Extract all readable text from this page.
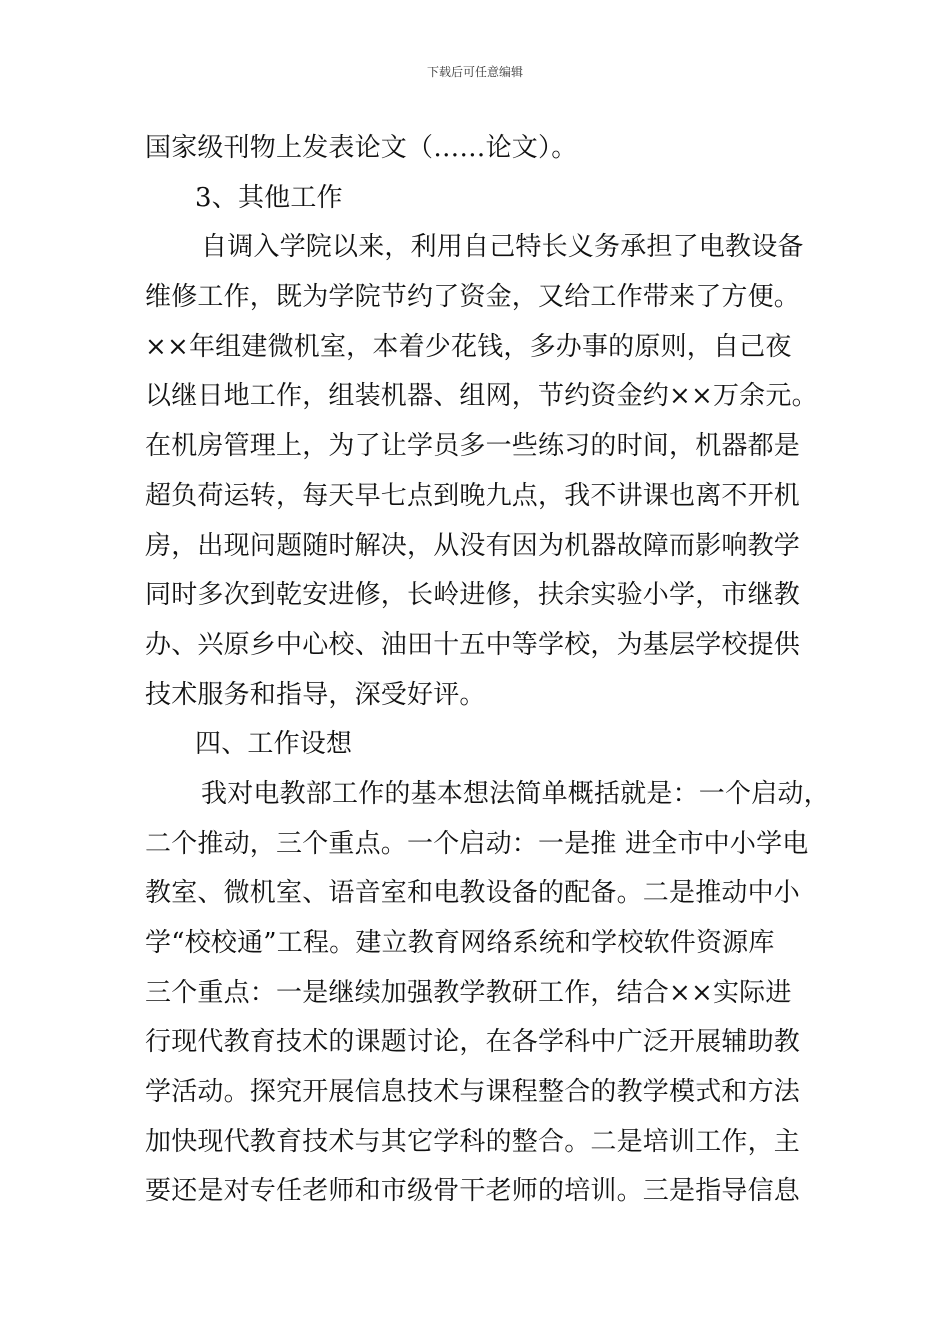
下载后可任意编辑
国家级刊物上发表论文（……论文）。
3、其他工作
自调入学院以来，利用自己特长义务承担了电教设备
维修工作，既为学院节约了资金，又给工作带来了方便。
××年组建微机室，本着少花钱，多办事的原则，自己夜
以继日地工作，组装机器、组网，节约资金约××万余元。
在机房管理上，为了让学员多一些练习的时间，机器都是
超负荷运转，每天早七点到晚九点，我不讲课也离不开机
房，出现问题随时解决，从没有因为机器故障而影响教学
同时多次到乾安进修，长岭进修，扶余实验小学，市继教
办、兴原乡中心校、油田十五中等学校，为基层学校提供
技术服务和指导，深受好评。
四、工作设想
我对电教部工作的基本想法简单概括就是：一个启动，
二个推动，三个重点。一个启动：一是推 进全市中小学电
教室、微机室、语音室和电教设备的配备。二是推动中小
学“校校通”工程。建立教育网络系统和学校软件资源库
三个重点：一是继续加强教学教研工作，结合××实际进
行现代教育技术的课题讨论，在各学科中广泛开展辅助教
学活动。探究开展信息技术与课程整合的教学模式和方法
加快现代教育技术与其它学科的整合。二是培训工作，主
要还是对专任老师和市级骨干老师的培训。三是指导信息
